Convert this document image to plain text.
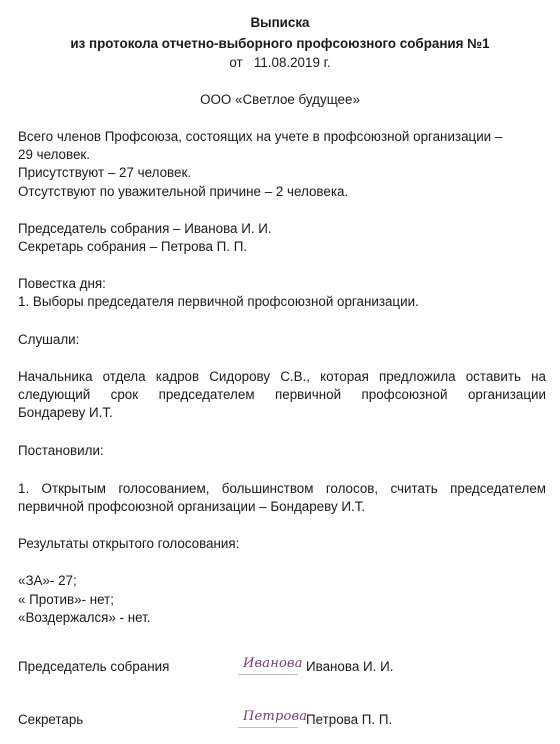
Выписка
из протокола отчетно-выборного профсоюзного собрания №1
от 11.08.2019 г.
ООО «Светлое будущее»
Всего членов Профсоюза, состоящих на учете в профсоюзной организации –
29 человек.
Присутствуют – 27 человек.
Отсутствуют по уважительной причине – 2 человека.
Председатель собрания – Иванова И. И.
Секретарь собрания – Петрова П. П.
Повестка дня:
1. Выборы председателя первичной профсоюзной организации.
Слушали:
Начальника отдела кадров Сидорову С.В., которая предложила оставить на
следующий срок председателем первичной профсоюзной организации
Бондареву И.Т.
Постановили:
1. Открытым голосованием, большинством голосов, считать председателем
первичной профсоюзной организации – Бондареву И.Т.
Результаты открытого голосования:
«ЗА»- 27;
« Против»- нет;
«Воздержался» - нет.
Председатель собрания	Иванова Иванова И. И.
Секретарь	Петрова
Петрова П. П.
